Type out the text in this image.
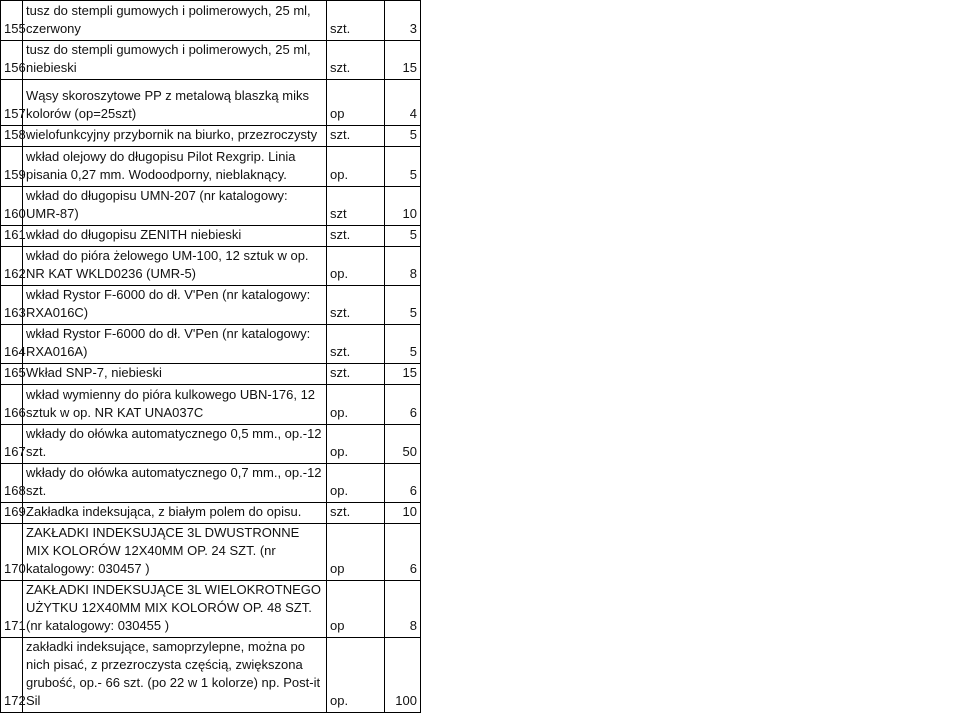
155	tusz do stempli gumowych i polimerowych, 25 ml, czerwony	szt.	3	
156	tusz do stempli gumowych i polimerowych, 25 ml, niebieski	szt.	15	
157	Wąsy skoroszytowe PP z metalową blaszką miks kolorów (op=25szt)	op	4	
158	wielofunkcyjny przybornik na biurko, przezroczysty	szt.	5	
159	wkład olejowy do długopisu Pilot Rexgrip. Linia pisania 0,27 mm. Wodoodporny, nieblaknący.	op.	5	
160	wkład do długopisu UMN-207 (nr katalogowy: UMR-87)	szt	10	
161	wkład do długopisu ZENITH niebieski	szt.	5	
162	wkład do pióra żelowego UM-100, 12 sztuk w op. NR KAT WKLD0236 (UMR-5)	op.	8	
163	wkład Rystor F-6000 do dł. V'Pen (nr katalogowy: RXA016C)	szt.	5	
164	wkład Rystor F-6000 do dł. V'Pen (nr katalogowy: RXA016A)	szt.	5	
165	Wkład SNP-7, niebieski	szt.	15	
166	wkład wymienny do pióra kulkowego UBN-176, 12 sztuk w op. NR KAT UNA037C	op.	6	
167	wkłady do ołówka automatycznego 0,5 mm., op.-12 szt.	op.	50	
168	wkłady do ołówka automatycznego 0,7 mm., op.-12 szt.	op.	6	
169	Zakładka indeksująca, z białym polem do opisu.	szt.	10	
170	ZAKŁADKI INDEKSUJĄCE 3L DWUSTRONNE MIX KOLORÓW 12X40MM OP. 24 SZT. (nr katalogowy: 030457 )	op	6	
171	ZAKŁADKI INDEKSUJĄCE 3L WIELOKROTNEGO UŻYTKU 12X40MM MIX KOLORÓW OP. 48 SZT. (nr katalogowy: 030455 )	op	8	
172	zakładki indeksujące, samoprzylepne, można po nich pisać, z przezroczysta częścią, zwiększona grubość, op.- 66 szt. (po 22 w 1 kolorze) np. Post-it Sil	op.	100	
